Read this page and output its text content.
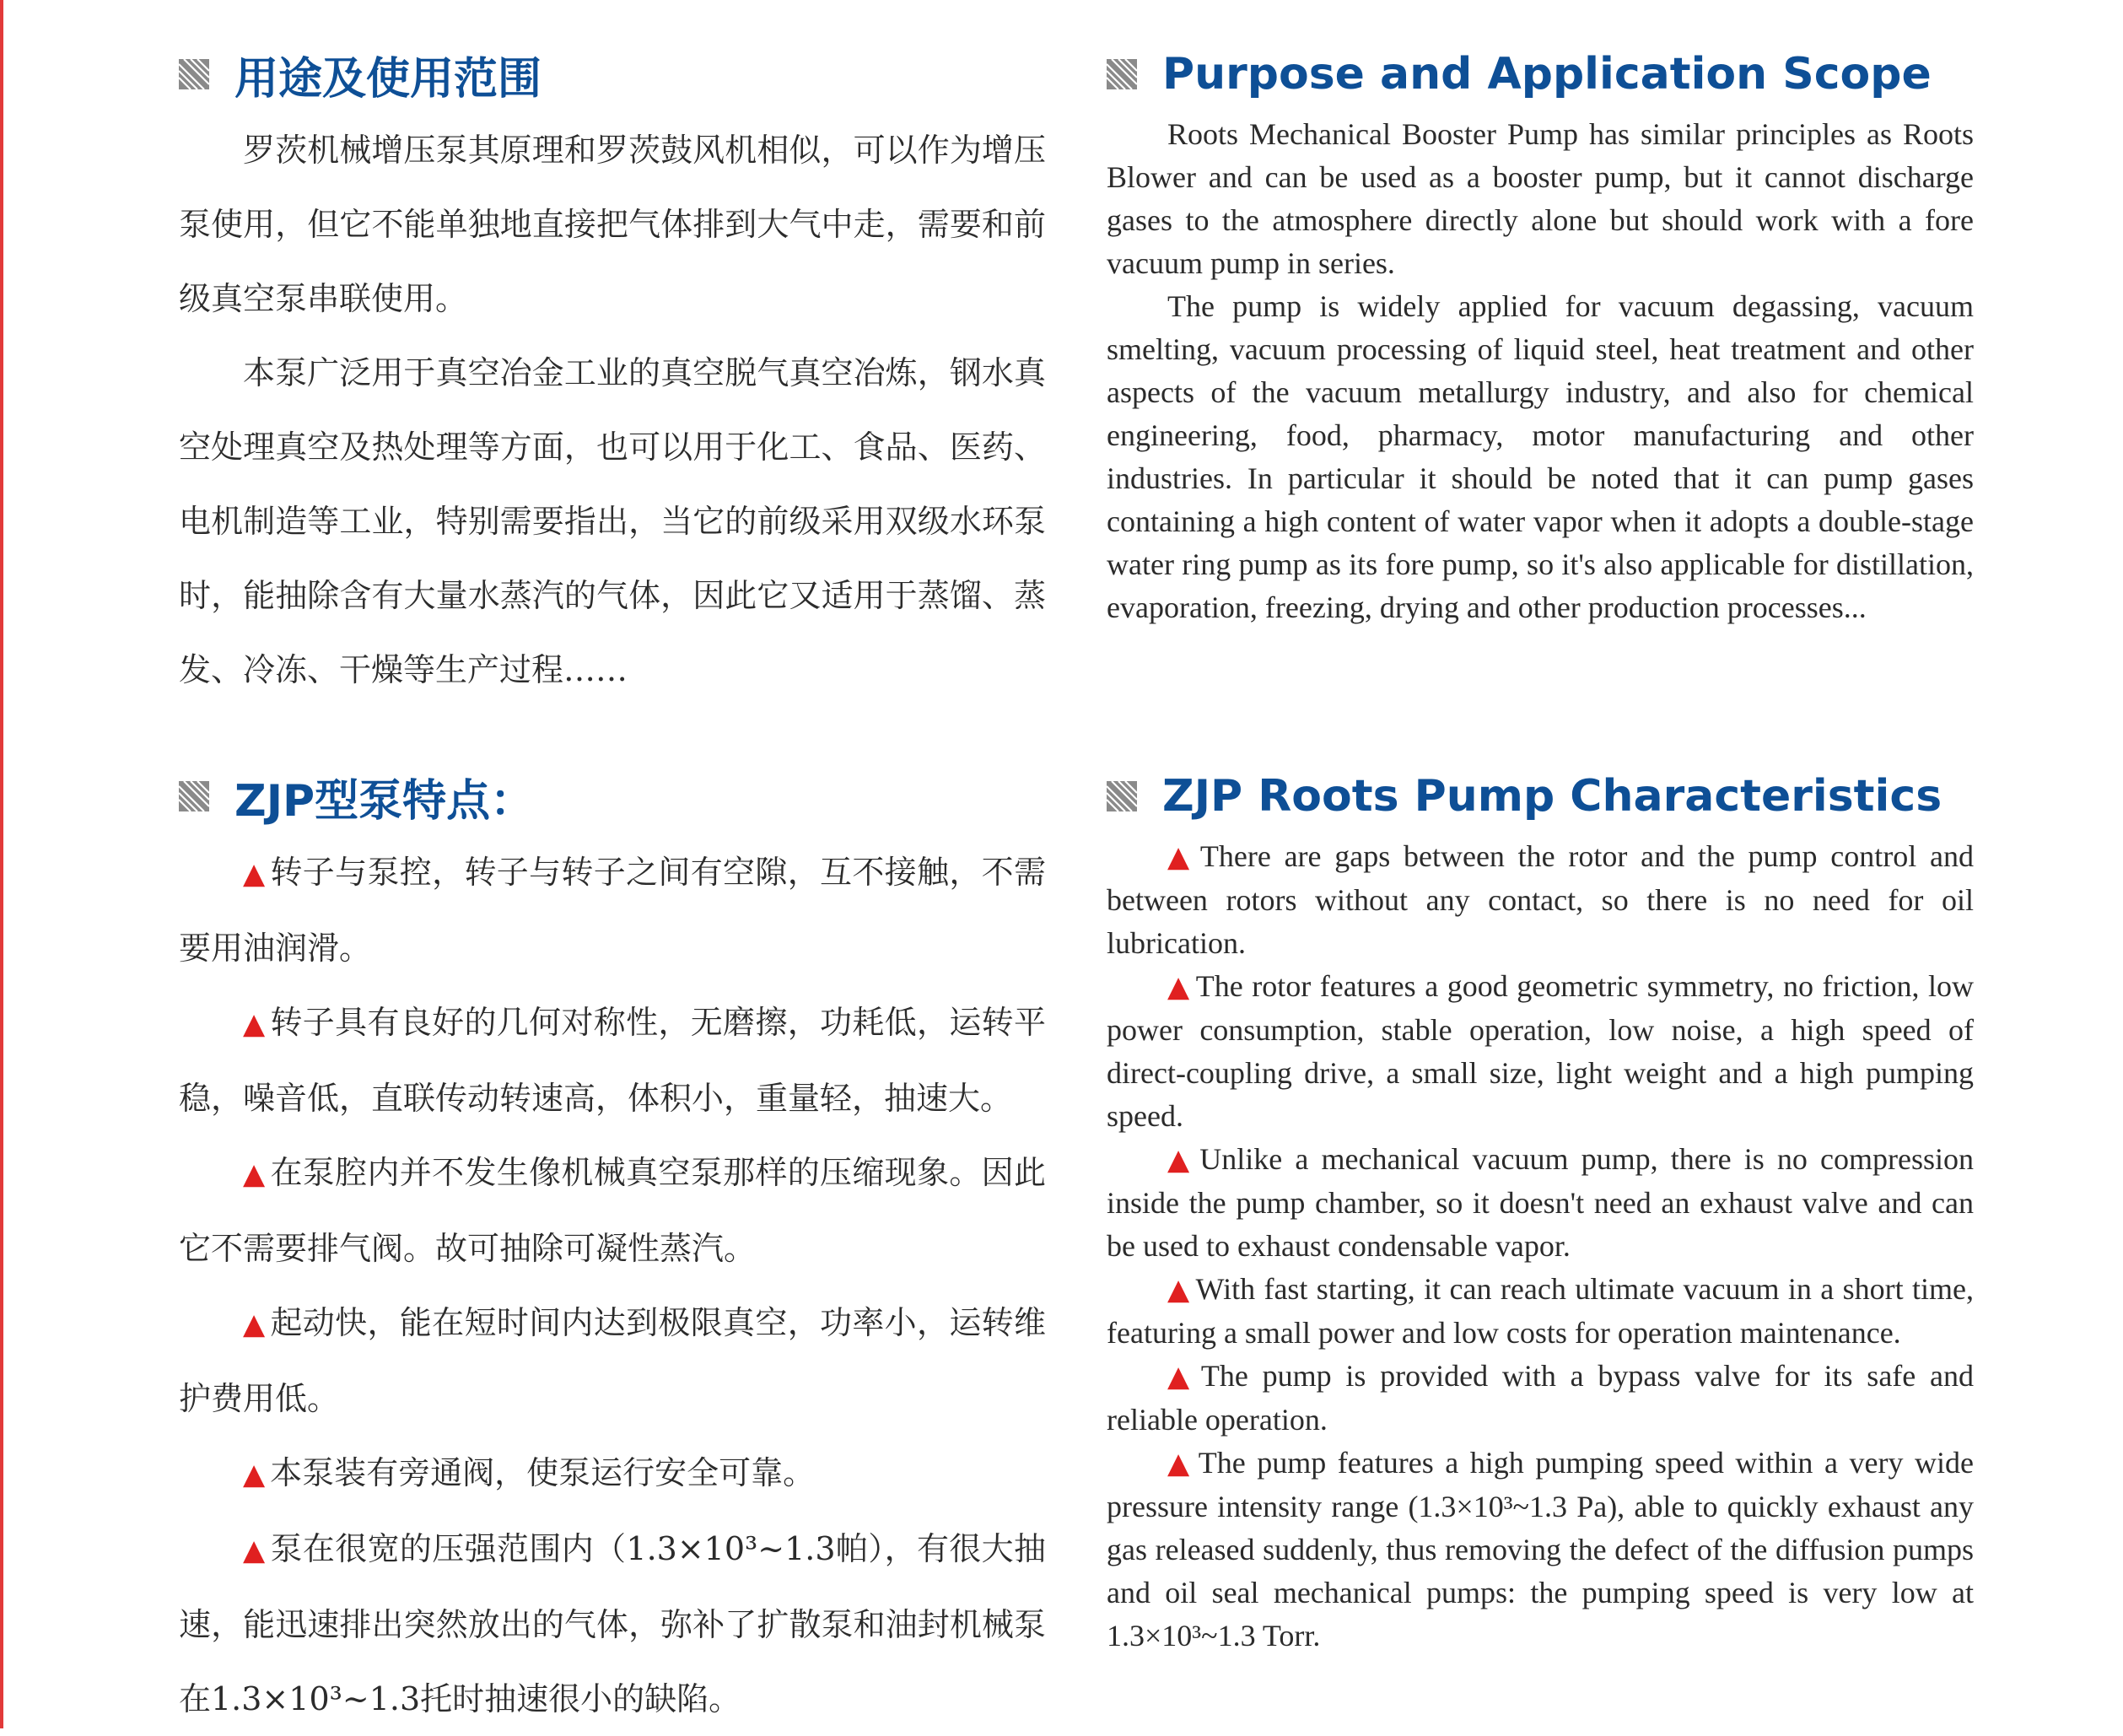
用途及使用范围

罗茨机械增压泵其原理和罗茨鼓风机相似，可以作为增压泵使用，但它不能单独地直接把气体排到大气中走，需要和前级真空泵串联使用。

本泵广泛用于真空冶金工业的真空脱气真空冶炼，钢水真空处理真空及热处理等方面，也可以用于化工、食品、医药、电机制造等工业，特别需要指出，当它的前级采用双级水环泵时，能抽除含有大量水蒸汽的气体，因此它又适用于蒸馏、蒸发、冷冻、干燥等生产过程……

Purpose and Application Scope

Roots Mechanical Booster Pump has similar principles as Roots Blower and can be used as a booster pump, but it cannot discharge gases to the atmosphere directly alone but should work with a fore vacuum pump in series.

The pump is widely applied for vacuum degassing, vacuum smelting, vacuum processing of liquid steel, heat treatment and other aspects of the vacuum metallurgy industry, and also for chemical engineering, food, pharmacy, motor manufacturing and other industries. In particular it should be noted that it can pump gases containing a high content of water vapor when it adopts a double-stage water ring pump as its fore pump, so it's also applicable for distillation, evaporation, freezing, drying and other production processes...

ZJP型泵特点：

▲ 转子与泵控，转子与转子之间有空隙，互不接触，不需要用油润滑。

▲ 转子具有良好的几何对称性，无磨擦，功耗低，运转平稳，噪音低，直联传动转速高，体积小，重量轻，抽速大。

▲ 在泵腔内并不发生像机械真空泵那样的压缩现象。因此它不需要排气阀。故可抽除可凝性蒸汽。

▲ 起动快，能在短时间内达到极限真空，功率小，运转维护费用低。

▲ 本泵装有旁通阀，使泵运行安全可靠。

▲ 泵在很宽的压强范围内（1.3×10³~1.3帕），有很大抽速，能迅速排出突然放出的气体，弥补了扩散泵和油封机械泵在1.3×10³~1.3托时抽速很小的缺陷。

ZJP Roots Pump Characteristics

▲ There are gaps between the rotor and the pump control and between rotors without any contact, so there is no need for oil lubrication.

▲ The rotor features a good geometric symmetry, no friction, low power consumption, stable operation, low noise, a high speed of direct-coupling drive, a small size, light weight and a high pumping speed.

▲ Unlike a mechanical vacuum pump, there is no compression inside the pump chamber, so it doesn't need an exhaust valve and can be used to exhaust condensable vapor.

▲ With fast starting, it can reach ultimate vacuum in a short time, featuring a small power and low costs for operation maintenance.

▲ The pump is provided with a bypass valve for its safe and reliable operation.

▲ The pump features a high pumping speed within a very wide pressure intensity range (1.3×10³~1.3 Pa), able to quickly exhaust any gas released suddenly, thus removing the defect of the diffusion pumps and oil seal mechanical pumps: the pumping speed is very low at 1.3×10³~1.3 Torr.
